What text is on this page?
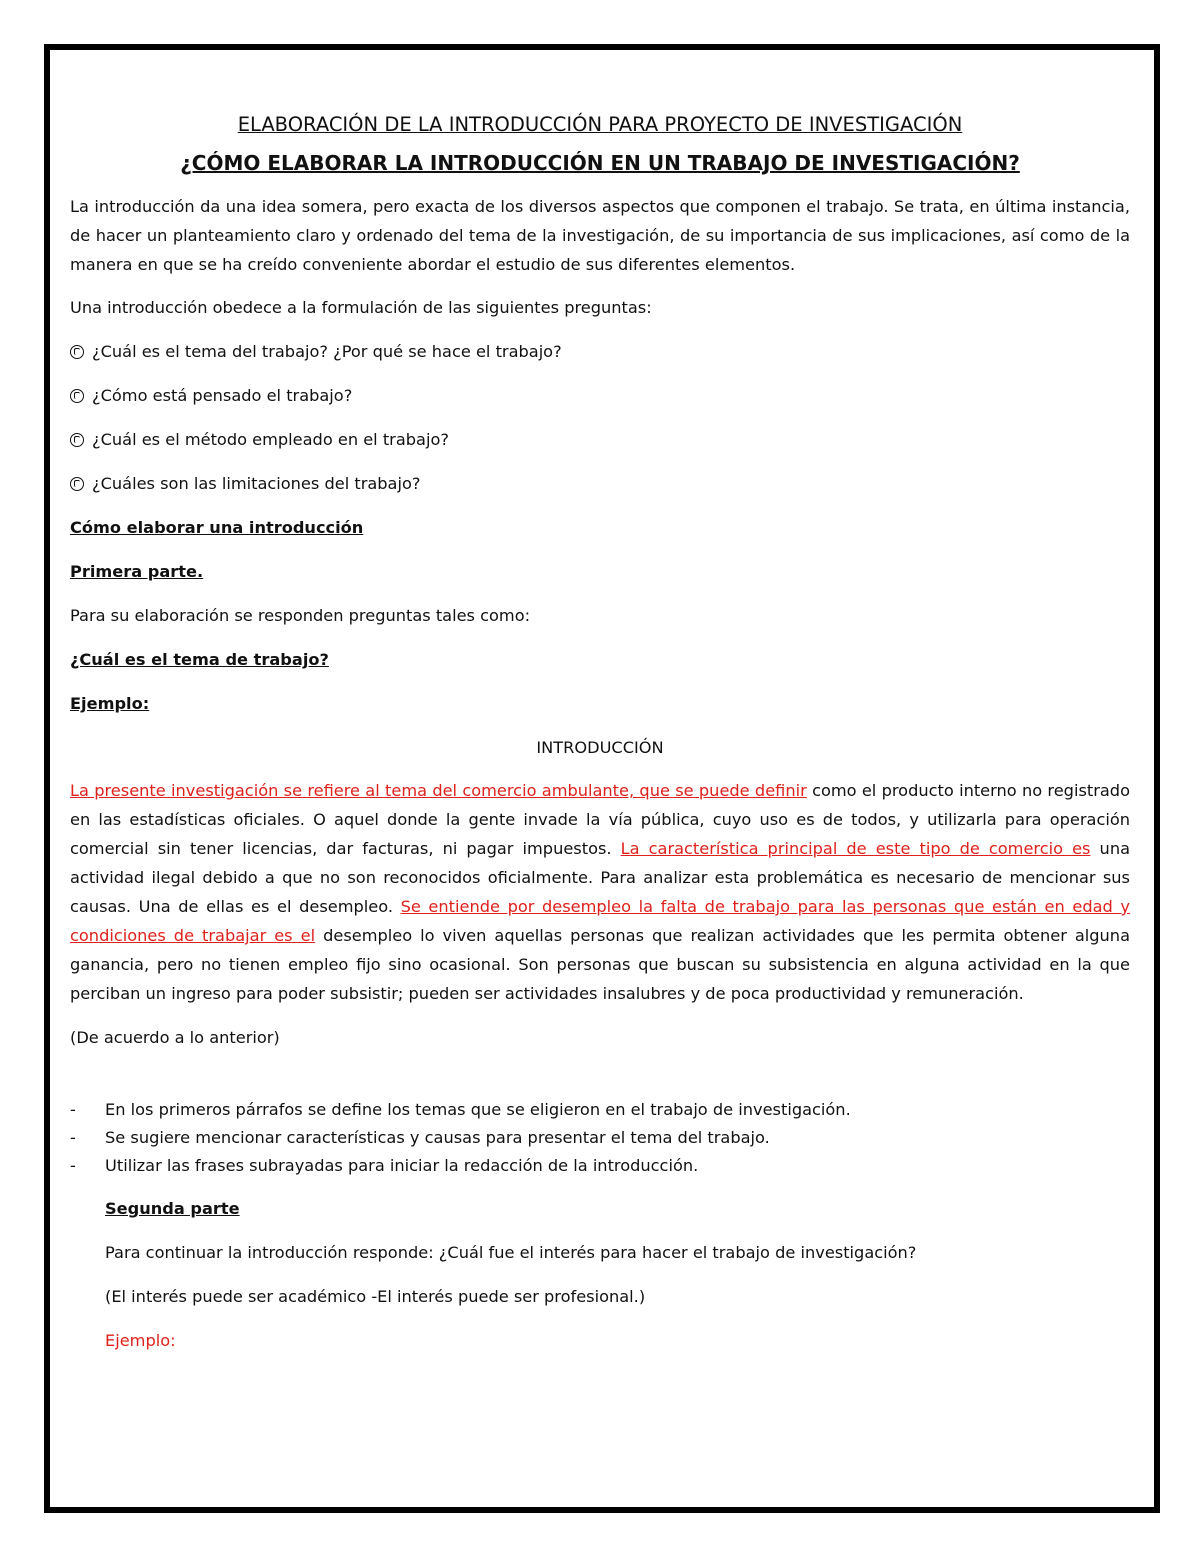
ELABORACIÓN DE LA INTRODUCCIÓN PARA PROYECTO DE INVESTIGACIÓN

¿CÓMO ELABORAR LA INTRODUCCIÓN EN UN TRABAJO DE INVESTIGACIÓN?

La introducción da una idea somera, pero exacta de los diversos aspectos que componen el trabajo. Se trata, en última instancia, de hacer un planteamiento claro y ordenado del tema de la investigación, de su importancia de sus implicaciones, así como de la manera en que se ha creído conveniente abordar el estudio de sus diferentes elementos.

Una introducción obedece a la formulación de las siguientes preguntas:

¿Cuál es el tema del trabajo? ¿Por qué se hace el trabajo?

¿Cómo está pensado el trabajo?

¿Cuál es el método empleado en el trabajo?

¿Cuáles son las limitaciones del trabajo?

Cómo elaborar una introducción

Primera parte.

Para su elaboración se responden preguntas tales como:

¿Cuál es el tema de trabajo?

Ejemplo:

INTRODUCCIÓN

La presente investigación se refiere al tema del comercio ambulante, que se puede definir como el producto interno no registrado en las estadísticas oficiales. O aquel donde la gente invade la vía pública, cuyo uso es de todos, y utilizarla para operación comercial sin tener licencias, dar facturas, ni pagar impuestos. La característica principal de este tipo de comercio es una actividad ilegal debido a que no son reconocidos oficialmente. Para analizar esta problemática es necesario de mencionar sus causas. Una de ellas es el desempleo. Se entiende por desempleo la falta de trabajo para las personas que están en edad y condiciones de trabajar es el desempleo lo viven aquellas personas que realizan actividades que les permita obtener alguna ganancia, pero no tienen empleo fijo sino ocasional. Son personas que buscan su subsistencia en alguna actividad en la que perciban un ingreso para poder subsistir; pueden ser actividades insalubres y de poca productividad y remuneración.

(De acuerdo a lo anterior)

- En los primeros párrafos se define los temas que se eligieron en el trabajo de investigación.
- Se sugiere mencionar características y causas para presentar el tema del trabajo.
- Utilizar las frases subrayadas para iniciar la redacción de la introducción.

Segunda parte

Para continuar la introducción responde: ¿Cuál fue el interés para hacer el trabajo de investigación?

(El interés puede ser académico -El interés puede ser profesional.)

Ejemplo:
